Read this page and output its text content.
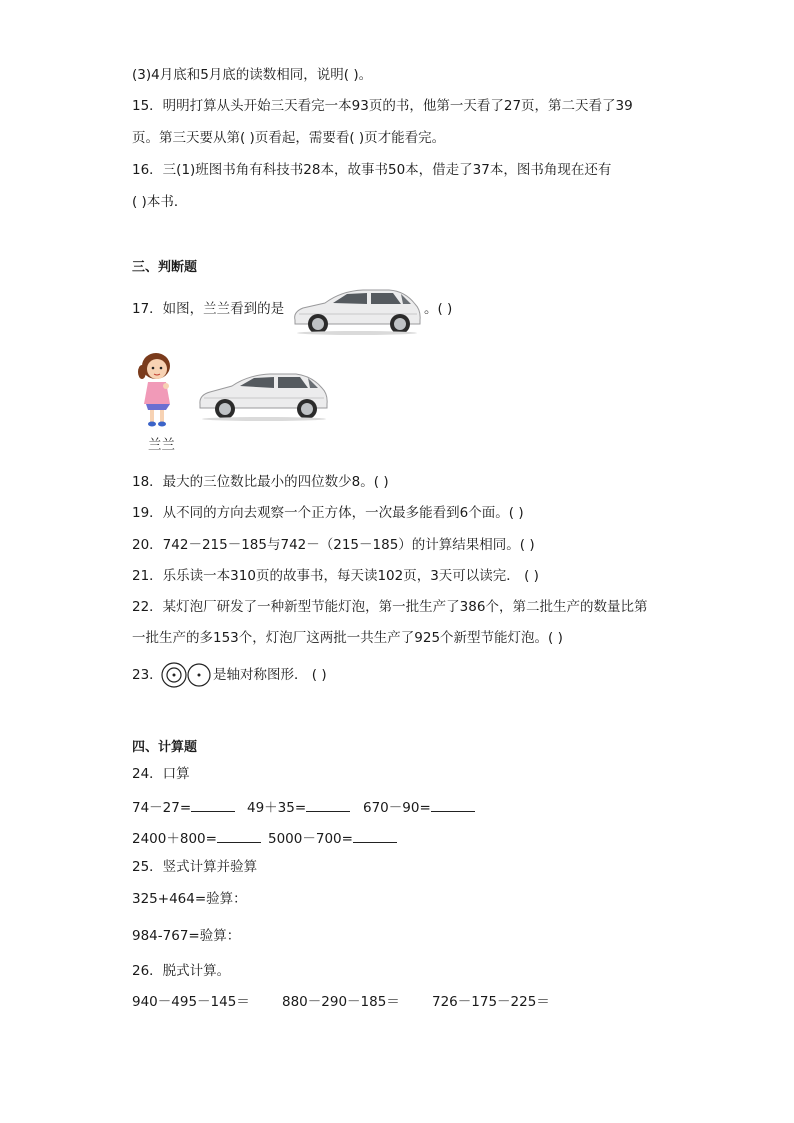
(3)4月底和5月底的读数相同，说明( )。
15．明明打算从头开始三天看完一本93页的书，他第一天看了27页，第二天看了39
页。第三天要从第( )页看起，需要看( )页才能看完。
16．三(1)班图书角有科技书28本，故事书50本，借走了37本，图书角现在还有
( )本书．
三、判断题
17．如图，兰兰看到的是	。( )
兰兰
18．最大的三位数比最小的四位数少8。( )
19．从不同的方向去观察一个正方体，一次最多能看到6个面。( )
20．742－215－185与742－（215－185）的计算结果相同。( )
21．乐乐读一本310页的故事书，每天读102页，3天可以读完． ( )
22．某灯泡厂研发了一种新型节能灯泡，第一批生产了386个，第二批生产的数量比第
一批生产的多153个，灯泡厂这两批一共生产了925个新型节能灯泡。( )
23．	是轴对称图形． ( )
四、计算题
24．口算
74－27=	49＋35=	670－90=
2400＋800=	5000－700=
25．竖式计算并验算
325+464=验算：
984-767=验算：
26．脱式计算。
940－495－145＝ 880－290－185＝ 726－175－225＝
